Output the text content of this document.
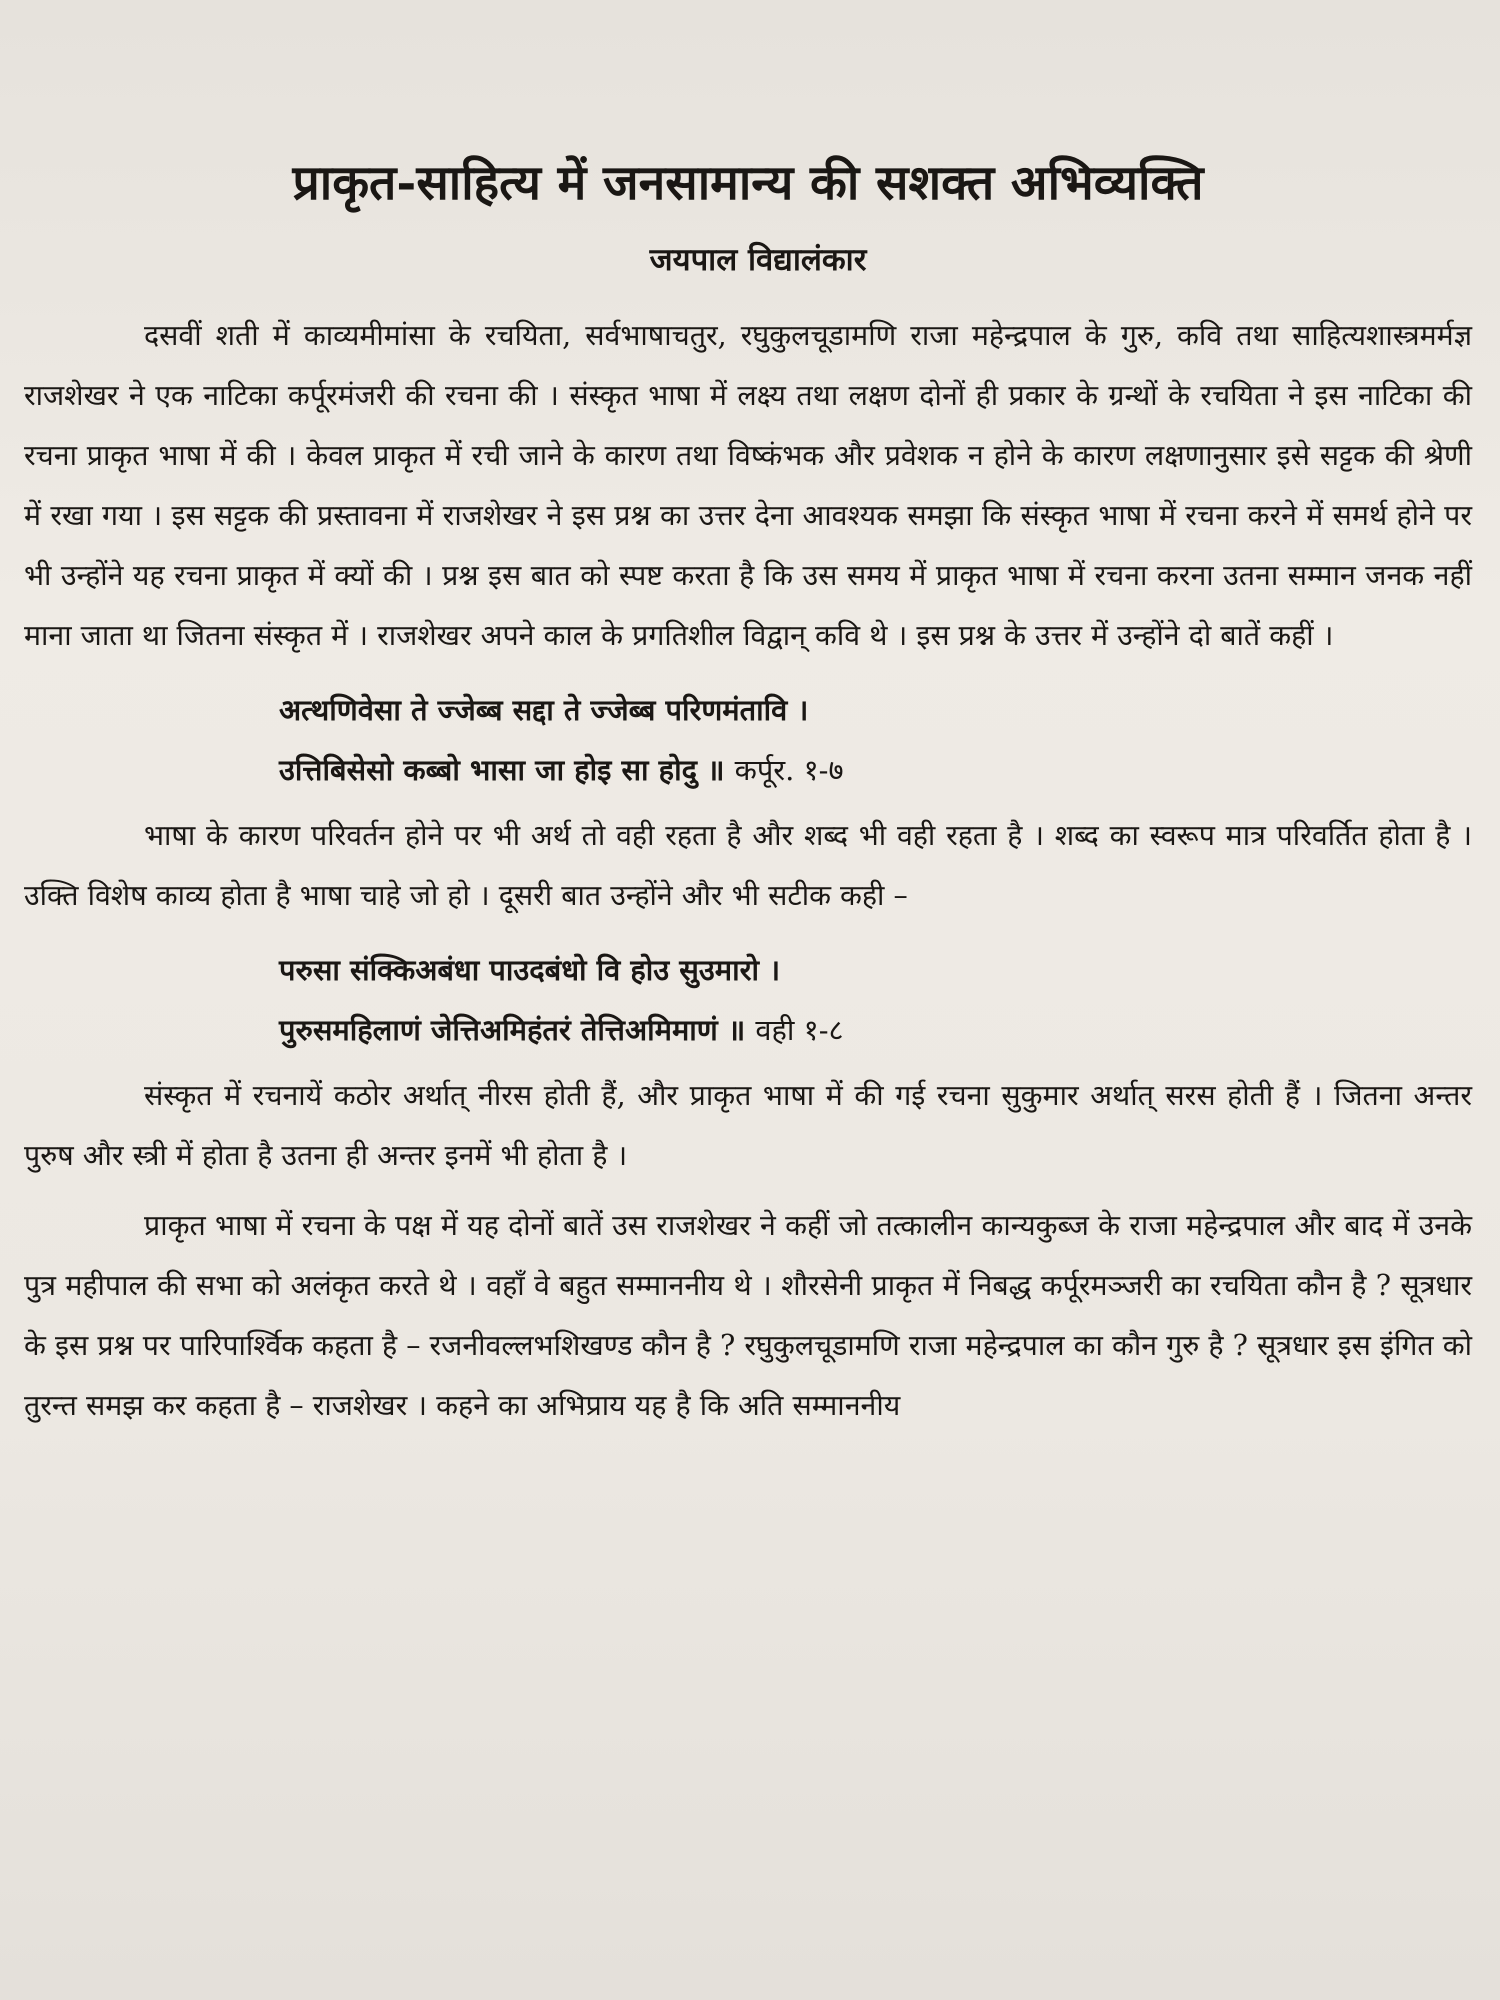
प्राकृत-साहित्य में जनसामान्य की सशक्त अभिव्यक्ति
जयपाल विद्यालंकार

दसवीं शती में काव्यमीमांसा के रचयिता, सर्वभाषाचतुर, रघुकुलचूडामणि राजा महेन्द्रपाल के गुरु, कवि तथा साहित्यशास्त्रमर्मज्ञ राजशेखर ने एक नाटिका कर्पूरमंजरी की रचना की । संस्कृत भाषा में लक्ष्य तथा लक्षण दोनों ही प्रकार के ग्रन्थों के रचयिता ने इस नाटिका की रचना प्राकृत भाषा में की । केवल प्राकृत में रची जाने के कारण तथा विष्कंभक और प्रवेशक न होने के कारण लक्षणानुसार इसे सट्टक की श्रेणी में रखा गया । इस सट्टक की प्रस्तावना में राजशेखर ने इस प्रश्न का उत्तर देना आवश्यक समझा कि संस्कृत भाषा में रचना करने में समर्थ होने पर भी उन्होंने यह रचना प्राकृत में क्यों की । प्रश्न इस बात को स्पष्ट करता है कि उस समय में प्राकृत भाषा में रचना करना उतना सम्मान जनक नहीं माना जाता था जितना संस्कृत में । राजशेखर अपने काल के प्रगतिशील विद्वान् कवि थे । इस प्रश्न के उत्तर में उन्होंने दो बातें कहीं ।

अत्थणिवेसा ते ज्जेब्ब सद्दा ते ज्जेब्ब परिणमंतावि ।
उत्तिबिसेसो कब्बो भासा जा होइ सा होदु ॥ कर्पूर. १-७

भाषा के कारण परिवर्तन होने पर भी अर्थ तो वही रहता है और शब्द भी वही रहता है । शब्द का स्वरूप मात्र परिवर्तित होता है । उक्ति विशेष काव्य होता है भाषा चाहे जो हो । दूसरी बात उन्होंने और भी सटीक कही –

परुसा संक्किअबंधा पाउदबंधो वि होउ सुउमारो ।
पुरुसमहिलाणं जेत्तिअमिहंतरं तेत्तिअमिमाणं ॥ वही १-८

संस्कृत में रचनायें कठोर अर्थात् नीरस होती हैं, और प्राकृत भाषा में की गई रचना सुकुमार अर्थात् सरस होती हैं । जितना अन्तर पुरुष और स्त्री में होता है उतना ही अन्तर इनमें भी होता है ।

प्राकृत भाषा में रचना के पक्ष में यह दोनों बातें उस राजशेखर ने कहीं जो तत्कालीन कान्यकुब्ज के राजा महेन्द्रपाल और बाद में उनके पुत्र महीपाल की सभा को अलंकृत करते थे । वहाँ वे बहुत सम्माननीय थे । शौरसेनी प्राकृत में निबद्ध कर्पूरमञ्जरी का रचयिता कौन है ? सूत्रधार के इस प्रश्न पर पारिपार्श्विक कहता है – रजनीवल्लभशिखण्ड कौन है ? रघुकुलचूडामणि राजा महेन्द्रपाल का कौन गुरु है ? सूत्रधार इस इंगित को तुरन्त समझ कर कहता है – राजशेखर । कहने का अभिप्राय यह है कि अति सम्माननीय
